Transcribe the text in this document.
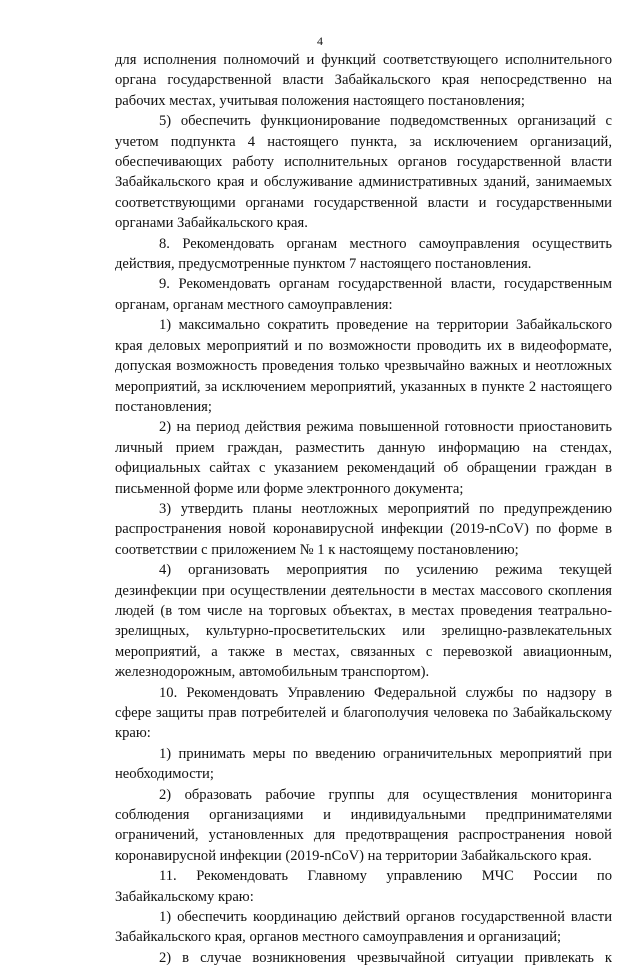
4

для исполнения полномочий и функций соответствующего исполнительного органа государственной власти Забайкальского края непосредственно на рабочих местах, учитывая положения настоящего постановления;

5) обеспечить функционирование подведомственных организаций с учетом подпункта 4 настоящего пункта, за исключением организаций, обеспечивающих работу исполнительных органов государственной власти Забайкальского края и обслуживание административных зданий, занимаемых соответствующими органами государственной власти и государственными органами Забайкальского края.

8. Рекомендовать органам местного самоуправления осуществить действия, предусмотренные пунктом 7 настоящего постановления.

9. Рекомендовать органам государственной власти, государственным органам, органам местного самоуправления:

1) максимально сократить проведение на территории Забайкальского края деловых мероприятий и по возможности проводить их в видеоформате, допуская возможность проведения только чрезвычайно важных и неотложных мероприятий, за исключением мероприятий, указанных в пункте 2 настоящего постановления;

2) на период действия режима повышенной готовности приостановить личный прием граждан, разместить данную информацию на стендах, официальных сайтах с указанием рекомендаций об обращении граждан в письменной форме или форме электронного документа;

3) утвердить планы неотложных мероприятий по предупреждению распространения новой коронавирусной инфекции (2019-nCoV) по форме в соответствии с приложением № 1 к настоящему постановлению;

4) организовать мероприятия по усилению режима текущей дезинфекции при осуществлении деятельности в местах массового скопления людей (в том числе на торговых объектах, в местах проведения театрально-зрелищных, культурно-просветительских или зрелищно-развлекательных мероприятий, а также в местах, связанных с перевозкой авиационным, железнодорожным, автомобильным транспортом).

10. Рекомендовать Управлению Федеральной службы по надзору в сфере защиты прав потребителей и благополучия человека по Забайкальскому краю:

1) принимать меры по введению ограничительных мероприятий при необходимости;

2) образовать рабочие группы для осуществления мониторинга соблюдения организациями и индивидуальными предпринимателями ограничений, установленных для предотвращения распространения новой коронавирусной инфекции (2019-nCoV) на территории Забайкальского края.

11. Рекомендовать Главному управлению МЧС России по Забайкальскому краю:

1) обеспечить координацию действий органов государственной власти Забайкальского края, органов местного самоуправления и организаций;

2) в случае возникновения чрезвычайной ситуации привлекать к
